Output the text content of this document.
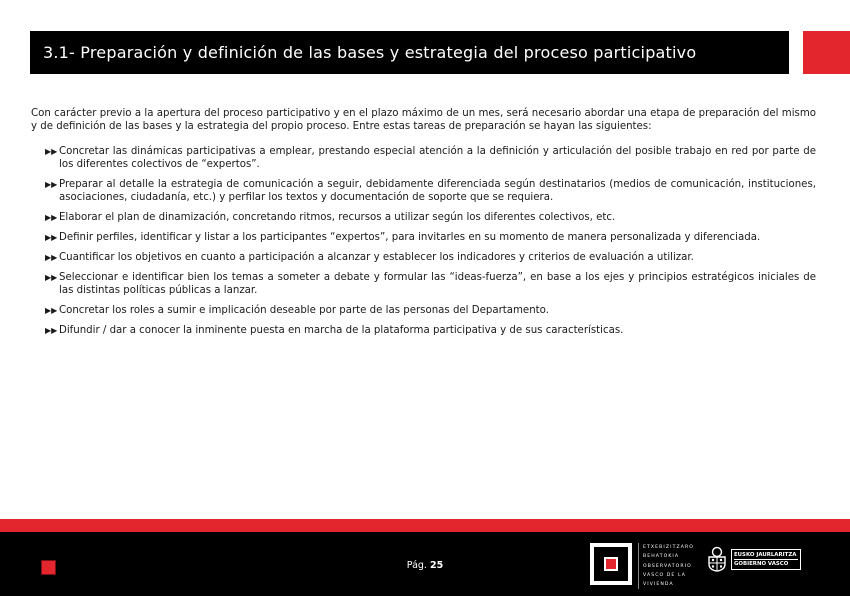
3.1- Preparación y definición de las bases y estrategia del proceso participativo

Con carácter previo a la apertura del proceso participativo y en el plazo máximo de un mes, será necesario abordar una etapa de preparación del mismo y de definición de las bases y la estrategia del propio proceso. Entre estas tareas de preparación se hayan las siguientes:

▶▶ Concretar las dinámicas participativas a emplear, prestando especial atención a la definición y articulación del posible trabajo en red por parte de los diferentes colectivos de “expertos”.
▶▶ Preparar al detalle la estrategia de comunicación a seguir, debidamente diferenciada según destinatarios (medios de comunicación, instituciones, asociaciones, ciudadanía, etc.) y perfilar los textos y documentación de soporte que se requiera.
▶▶ Elaborar el plan de dinamización, concretando ritmos, recursos a utilizar según los diferentes colectivos, etc.
▶▶ Definir perfiles, identificar y listar a los participantes “expertos”, para invitarles en su momento de manera personalizada y diferenciada.
▶▶ Cuantificar los objetivos en cuanto a participación a alcanzar y establecer los indicadores y criterios de evaluación a utilizar.
▶▶ Seleccionar e identificar bien los temas a someter a debate y formular las “ideas-fuerza”, en base a los ejes y principios estratégicos iniciales de las distintas políticas públicas a lanzar.
▶▶ Concretar los roles a sumir e implicación deseable por parte de las personas del Departamento.
▶▶ Difundir / dar a conocer la inminente puesta en marcha de la plataforma participativa y de sus características.
Pág. 25
ETXEBIZITZARO
BEHATOKIA
OBSERVATORIO
VASCO DE LA
VIVIENDA
EUSKO JAURLARITZA
GOBIERNO VASCO
